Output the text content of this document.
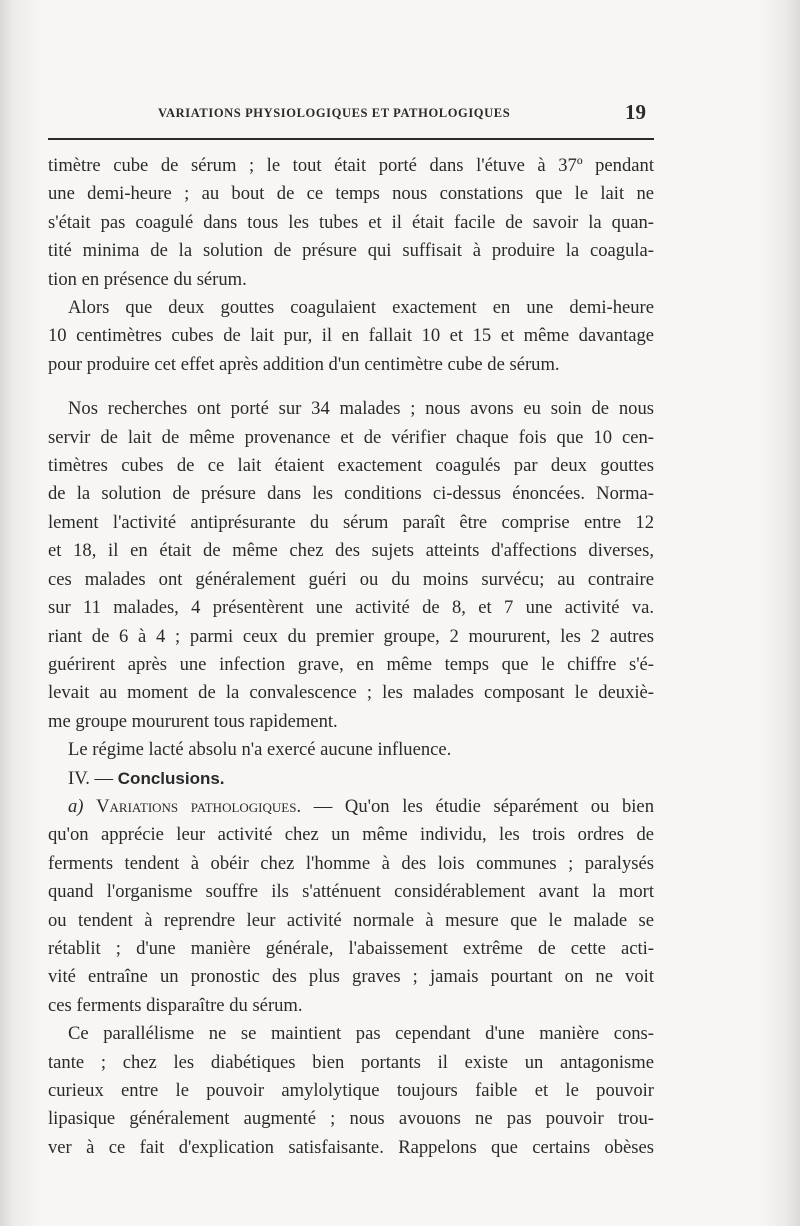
VARIATIONS PHYSIOLOGIQUES ET PATHOLOGIQUES	19

timètre cube de sérum ; le tout était porté dans l'étuve à 37º pendant
une demi-heure ; au bout de ce temps nous constations que le lait ne
s'était pas coagulé dans tous les tubes et il était facile de savoir la quan-
tité minima de la solution de présure qui suffisait à produire la coagula-
tion en présence du sérum.

Alors que deux gouttes coagulaient exactement en une demi-heure
10 centimètres cubes de lait pur, il en fallait 10 et 15 et même davantage
pour produire cet effet après addition d'un centimètre cube de sérum.

Nos recherches ont porté sur 34 malades ; nous avons eu soin de nous
servir de lait de même provenance et de vérifier chaque fois que 10 cen-
timètres cubes de ce lait étaient exactement coagulés par deux gouttes
de la solution de présure dans les conditions ci-dessus énoncées. Norma-
lement l'activité antiprésurante du sérum paraît être comprise entre 12
et 18, il en était de même chez des sujets atteints d'affections diverses,
ces malades ont généralement guéri ou du moins survécu; au contraire
sur 11 malades, 4 présentèrent une activité de 8, et 7 une activité va.
riant de 6 à 4 ; parmi ceux du premier groupe, 2 moururent, les 2 autres
guérirent après une infection grave, en même temps que le chiffre s'é-
levait au moment de la convalescence ; les malades composant le deuxiè-
me groupe moururent tous rapidement.

Le régime lacté absolu n'a exercé aucune influence.

IV. — Conclusions.

a) Variations pathologiques. — Qu'on les étudie séparément ou bien
qu'on apprécie leur activité chez un même individu, les trois ordres de
ferments tendent à obéir chez l'homme à des lois communes ; paralysés
quand l'organisme souffre ils s'atténuent considérablement avant la mort
ou tendent à reprendre leur activité normale à mesure que le malade se
rétablit ; d'une manière générale, l'abaissement extrême de cette acti-
vité entraîne un pronostic des plus graves ; jamais pourtant on ne voit
ces ferments disparaître du sérum.

Ce parallélisme ne se maintient pas cependant d'une manière cons-
tante ; chez les diabétiques bien portants il existe un antagonisme
curieux entre le pouvoir amylolytique toujours faible et le pouvoir
lipasique généralement augmenté ; nous avouons ne pas pouvoir trou-
ver à ce fait d'explication satisfaisante. Rappelons que certains obèses
